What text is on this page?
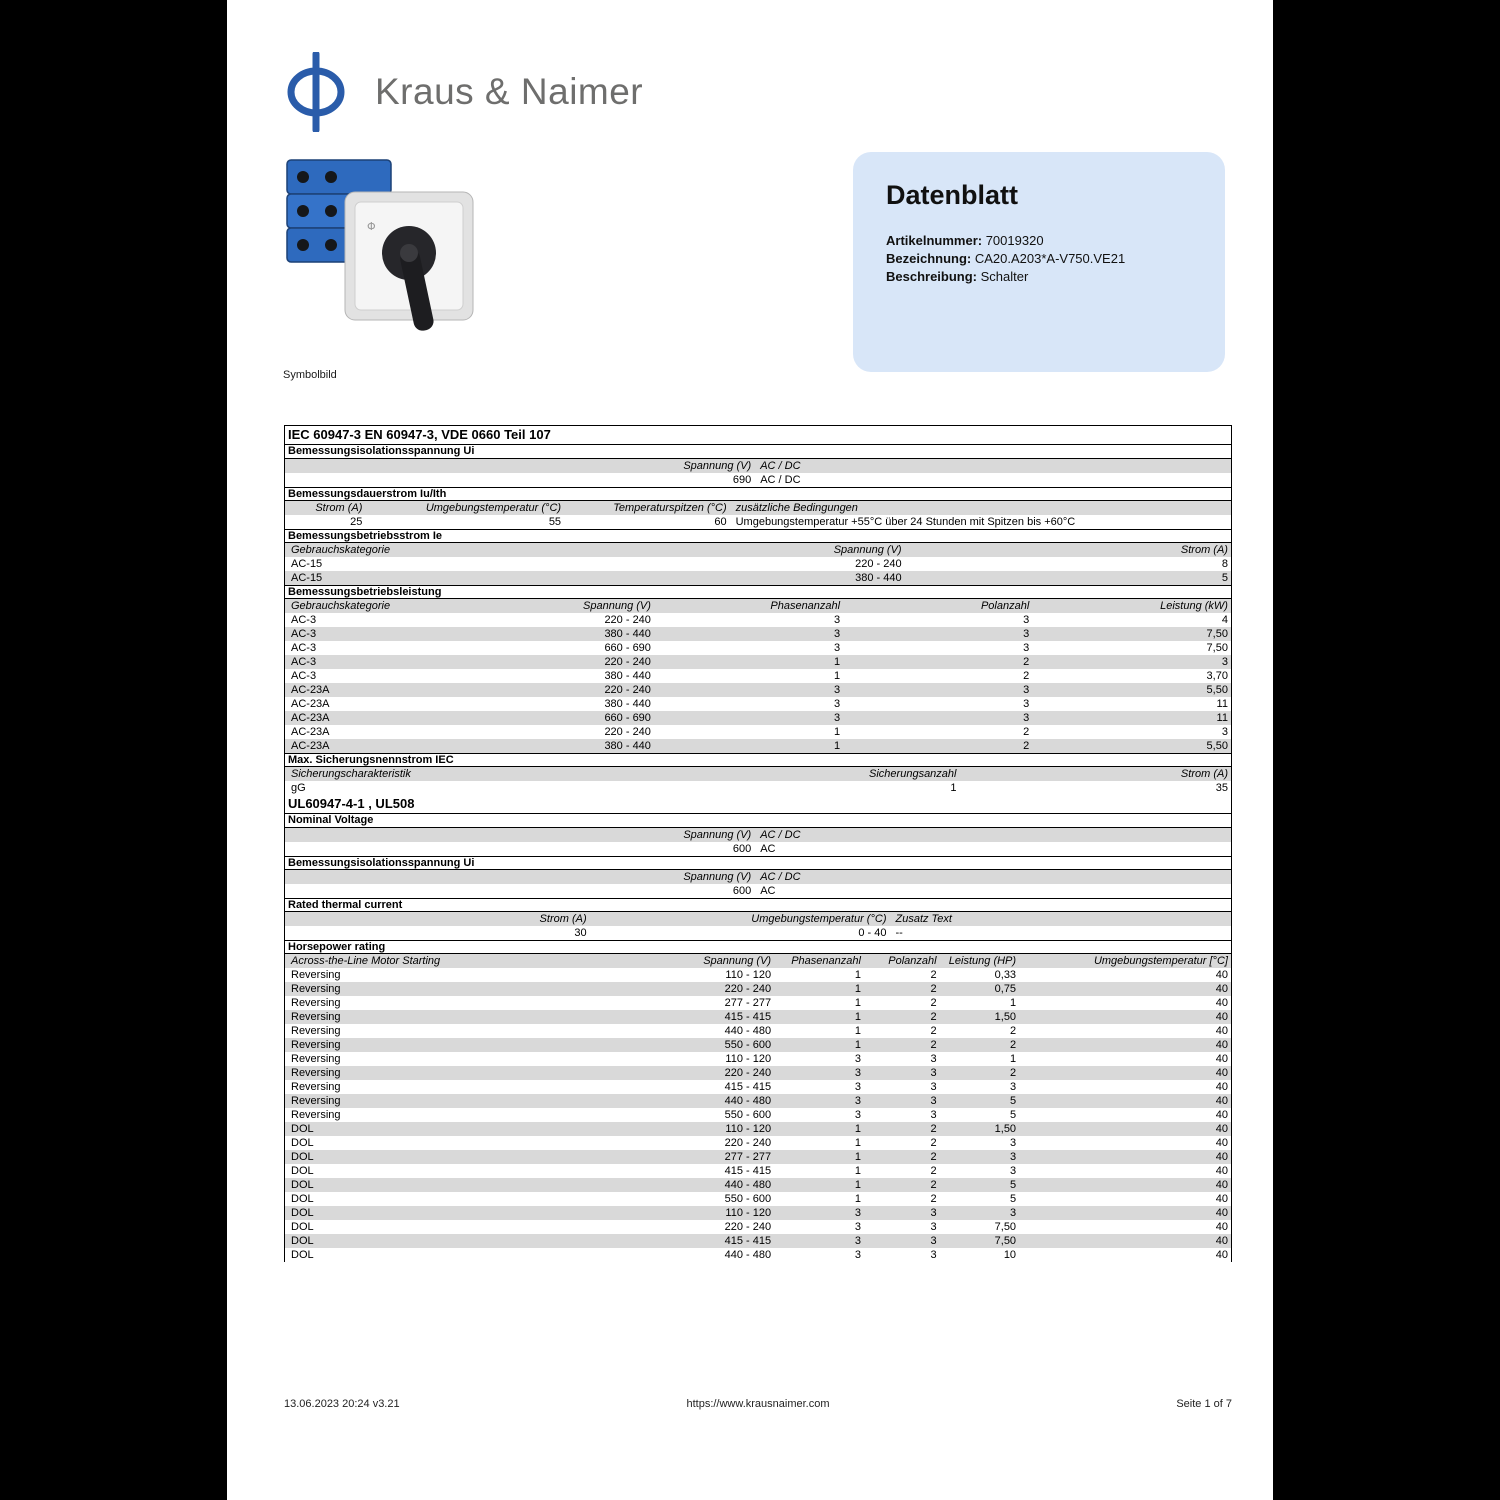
Kraus & Naimer
Φ
Symbolbild
Datenblatt
Artikelnummer: 70019320
Bezeichnung: CA20.A203*A-V750.VE21
Beschreibung: Schalter
IEC 60947-3 EN 60947-3, VDE 0660 Teil 107
Bemessungsisolationsspannung Ui
Spannung (V) AC / DC
690 AC / DC
Bemessungsdauerstrom Iu/Ith
Strom (A)	Umgebungstemperatur (°C)	Temperaturspitzen (°C) zusätzliche Bedingungen
25	55	60 Umgebungstemperatur +55°C über 24 Stunden mit Spitzen bis +60°C
Bemessungsbetriebsstrom Ie
Gebrauchskategorie	Spannung (V)	Strom (A)
AC-15	220 - 240	8
AC-15	380 - 440	5
Bemessungsbetriebsleistung
Gebrauchskategorie	Spannung (V)	Phasenanzahl	Polanzahl	Leistung (kW)
AC-3	220 - 240	3	3	4
AC-3	380 - 440	3	3	7,50
AC-3	660 - 690	3	3	7,50
AC-3	220 - 240	1	2	3
AC-3	380 - 440	1	2	3,70
AC-23A	220 - 240	3	3	5,50
AC-23A	380 - 440	3	3	11
AC-23A	660 - 690	3	3	11
AC-23A	220 - 240	1	2	3
AC-23A	380 - 440	1	2	5,50
Max. Sicherungsnennstrom IEC
Sicherungscharakteristik	Sicherungsanzahl	Strom (A)
gG	1	35
UL60947-4-1 , UL508
Nominal Voltage
Spannung (V) AC / DC
600 AC
Bemessungsisolationsspannung Ui
Spannung (V) AC / DC
600 AC
Rated thermal current
Strom (A)	Umgebungstemperatur (°C) Zusatz Text
30	0 - 40 --
Horsepower rating
Across-the-Line Motor Starting	Spannung (V)	Phasenanzahl	Polanzahl	Leistung (HP)	Umgebungstemperatur [°C]
Reversing	110 - 120	1	2	0,33	40
Reversing	220 - 240	1	2	0,75	40
Reversing	277 - 277	1	2	1	40
Reversing	415 - 415	1	2	1,50	40
Reversing	440 - 480	1	2	2	40
Reversing	550 - 600	1	2	2	40
Reversing	110 - 120	3	3	1	40
Reversing	220 - 240	3	3	2	40
Reversing	415 - 415	3	3	3	40
Reversing	440 - 480	3	3	5	40
Reversing	550 - 600	3	3	5	40
DOL	110 - 120	1	2	1,50	40
DOL	220 - 240	1	2	3	40
DOL	277 - 277	1	2	3	40
DOL	415 - 415	1	2	3	40
DOL	440 - 480	1	2	5	40
DOL	550 - 600	1	2	5	40
DOL	110 - 120	3	3	3	40
DOL	220 - 240	3	3	7,50	40
DOL	415 - 415	3	3	7,50	40
DOL	440 - 480	3	3	10	40
13.06.2023 20:24 v3.21	https://www.krausnaimer.com	Seite 1 of 7
